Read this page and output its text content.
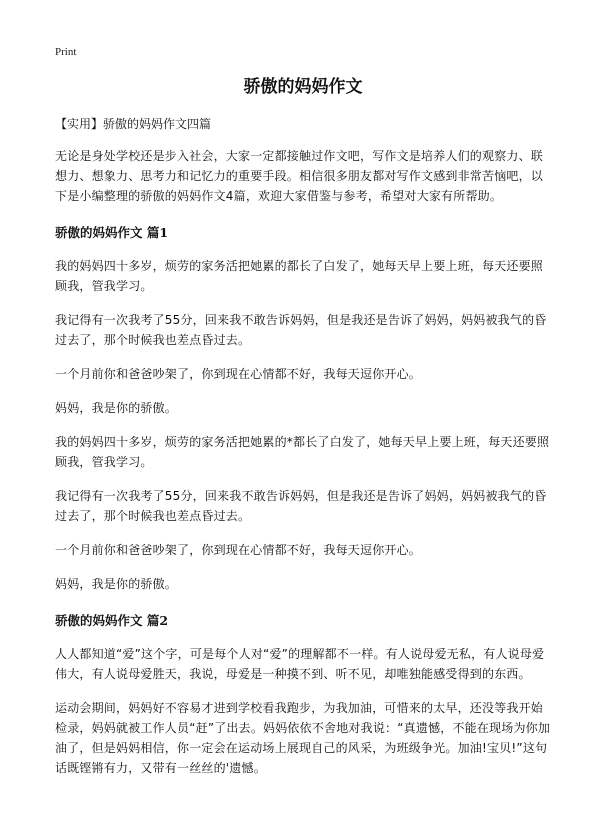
Print

骄傲的妈妈作文

【实用】骄傲的妈妈作文四篇

无论是身处学校还是步入社会，大家一定都接触过作文吧，写作文是培养人们的观察力、联想力、想象力、思考力和记忆力的重要手段。相信很多朋友都对写作文感到非常苦恼吧，以下是小编整理的骄傲的妈妈作文4篇，欢迎大家借鉴与参考，希望对大家有所帮助。

骄傲的妈妈作文 篇1

我的妈妈四十多岁，烦劳的家务活把她累的都长了白发了，她每天早上要上班，每天还要照顾我，管我学习。

我记得有一次我考了55分，回来我不敢告诉妈妈，但是我还是告诉了妈妈，妈妈被我气的昏过去了，那个时候我也差点昏过去。

一个月前你和爸爸吵架了，你到现在心情都不好，我每天逗你开心。

妈妈，我是你的骄傲。

我的妈妈四十多岁，烦劳的家务活把她累的*都长了白发了，她每天早上要上班，每天还要照顾我，管我学习。

我记得有一次我考了55分，回来我不敢告诉妈妈，但是我还是告诉了妈妈，妈妈被我气的昏过去了，那个时候我也差点昏过去。

一个月前你和爸爸吵架了，你到现在心情都不好，我每天逗你开心。

妈妈，我是你的骄傲。

骄傲的妈妈作文 篇2

人人都知道“爱”这个字，可是每个人对“爱”的理解都不一样。有人说母爱无私，有人说母爱伟大，有人说母爱胜天，我说，母爱是一种摸不到、听不见，却唯独能感受得到的东西。

运动会期间，妈妈好不容易才进到学校看我跑步，为我加油，可惜来的太早，还没等我开始检录，妈妈就被工作人员“赶”了出去。妈妈依依不舍地对我说：“真遗憾，不能在现场为你加油了，但是妈妈相信，你一定会在运动场上展现自己的风采，为班级争光。加油!宝贝!”这句话既铿锵有力，又带有一丝丝的'遗憾。
